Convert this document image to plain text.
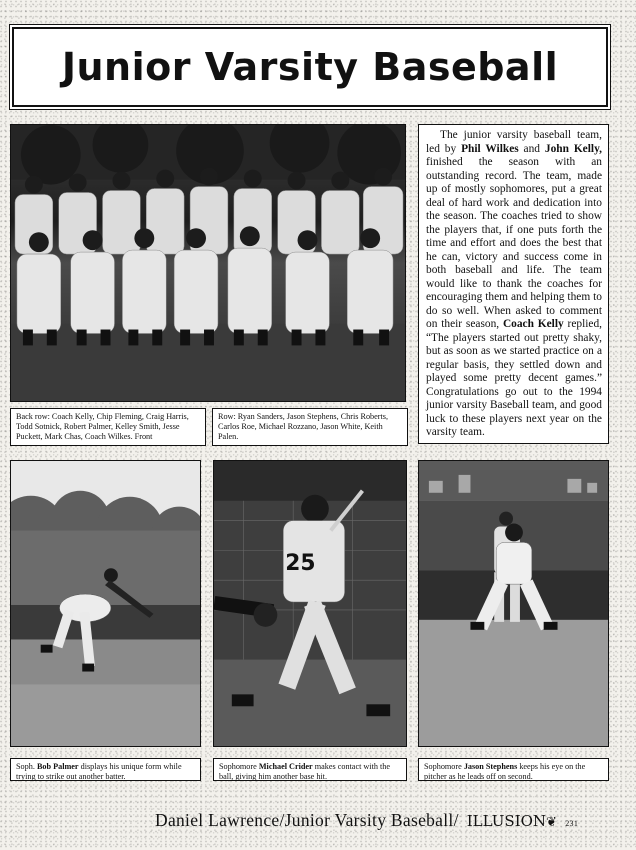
Junior Varsity Baseball
Back row: Coach Kelly, Chip Fleming, Craig Harris, Todd Sotnick, Robert Palmer, Kelley Smith, Jesse Puckett, Mark Chas, Coach Wilkes. Front
Row: Ryan Sanders, Jason Stephens, Chris Roberts, Carlos Roe, Michael Rozzano, Jason White, Keith Palen.

The junior varsity baseball team, led by Phil Wilkes and John Kelly, finished the season with an outstanding record. The team, made up of mostly sophomores, put a great deal of hard work and dedication into the season. The coaches tried to show the players that, if one puts forth the time and effort and does the best that he can, victory and success come in both baseball and life. The team would like to thank the coaches for encouraging them and helping them to do so well. When asked to comment on their season, Coach Kelly replied, “The players started out pretty shaky, but as soon as we started practice on a regular basis, they settled down and played some pretty decent games.” Congratulations go out to the 1994 junior varsity Baseball team, and good luck to these players next year on the varsity team.

Soph. Bob Palmer displays his unique form while trying to strike out another batter.
25
Sophomore Michael Crider makes contact with the ball, giving him another base hit.
Sophomore Jason Stephens keeps his eye on the pitcher as he leads off on second.
Daniel Lawrence/Junior Varsity Baseball/ ILLUSION ❦ 231
